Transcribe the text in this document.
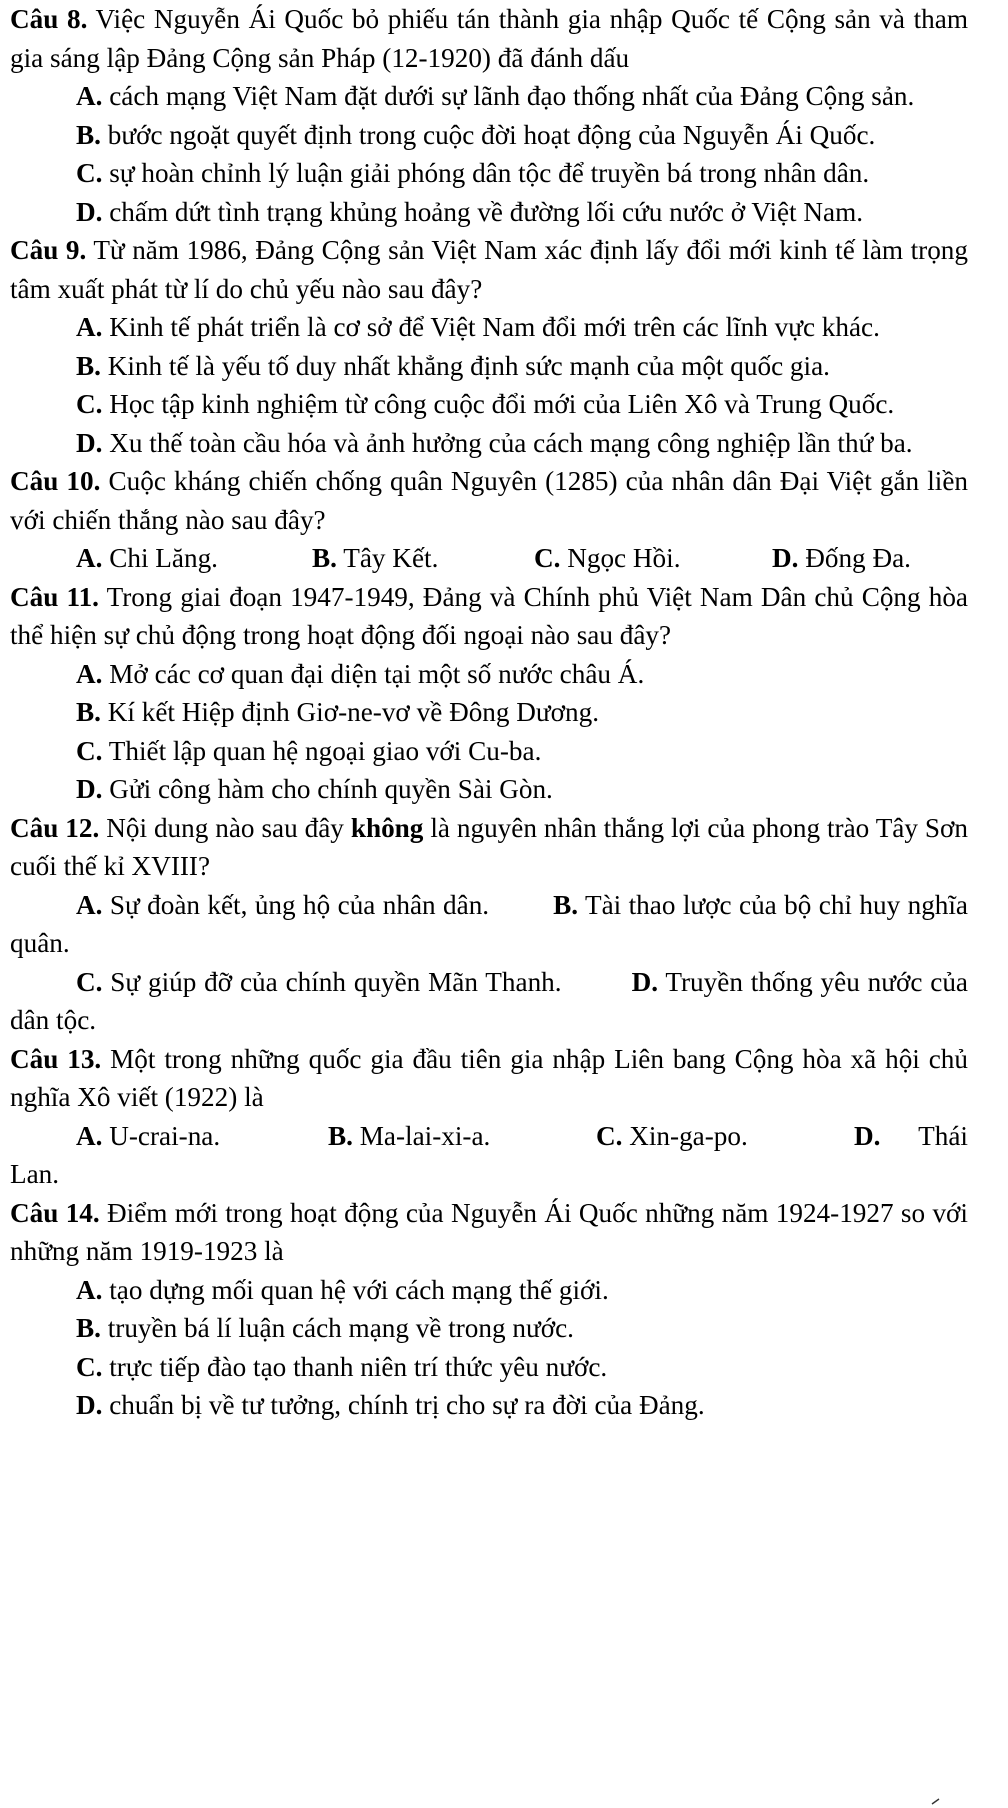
Câu 8. Việc Nguyễn Ái Quốc bỏ phiếu tán thành gia nhập Quốc tế Cộng sản và tham gia sáng lập Đảng Cộng sản Pháp (12-1920) đã đánh dấu

A. cách mạng Việt Nam đặt dưới sự lãnh đạo thống nhất của Đảng Cộng sản.

B. bước ngoặt quyết định trong cuộc đời hoạt động của Nguyễn Ái Quốc.

C. sự hoàn chỉnh lý luận giải phóng dân tộc để truyền bá trong nhân dân.

D. chấm dứt tình trạng khủng hoảng về đường lối cứu nước ở Việt Nam.

Câu 9. Từ năm 1986, Đảng Cộng sản Việt Nam xác định lấy đổi mới kinh tế làm trọng tâm xuất phát từ lí do chủ yếu nào sau đây?

A. Kinh tế phát triển là cơ sở để Việt Nam đổi mới trên các lĩnh vực khác.

B. Kinh tế là yếu tố duy nhất khẳng định sức mạnh của một quốc gia.

C. Học tập kinh nghiệm từ công cuộc đổi mới của Liên Xô và Trung Quốc.

D. Xu thế toàn cầu hóa và ảnh hưởng của cách mạng công nghiệp lần thứ ba.

Câu 10. Cuộc kháng chiến chống quân Nguyên (1285) của nhân dân Đại Việt gắn liền với chiến thắng nào sau đây?

A. Chi Lăng.	B. Tây Kết.	C. Ngọc Hồi.	D. Đống Đa.

Câu 11. Trong giai đoạn 1947-1949, Đảng và Chính phủ Việt Nam Dân chủ Cộng hòa thể hiện sự chủ động trong hoạt động đối ngoại nào sau đây?

A. Mở các cơ quan đại diện tại một số nước châu Á.

B. Kí kết Hiệp định Giơ-ne-vơ về Đông Dương.

C. Thiết lập quan hệ ngoại giao với Cu-ba.

D. Gửi công hàm cho chính quyền Sài Gòn.

Câu 12. Nội dung nào sau đây không là nguyên nhân thắng lợi của phong trào Tây Sơn cuối thế kỉ XVIII?

A. Sự đoàn kết, ủng hộ của nhân dân. B. Tài thao lược của bộ chỉ huy nghĩa quân.

C. Sự giúp đỡ của chính quyền Mãn Thanh.	D. Truyền thống yêu nước của dân tộc.

Câu 13. Một trong những quốc gia đầu tiên gia nhập Liên bang Cộng hòa xã hội chủ nghĩa Xô viết (1922) là

A. U-crai-na.	B. Ma-lai-xi-a.	C. Xin-ga-po.	D. Thái Lan.

Câu 14. Điểm mới trong hoạt động của Nguyễn Ái Quốc những năm 1924-1927 so với những năm 1919-1923 là

A. tạo dựng mối quan hệ với cách mạng thế giới.

B. truyền bá lí luận cách mạng về trong nước.

C. trực tiếp đào tạo thanh niên trí thức yêu nước.

D. chuẩn bị về tư tưởng, chính trị cho sự ra đời của Đảng.
